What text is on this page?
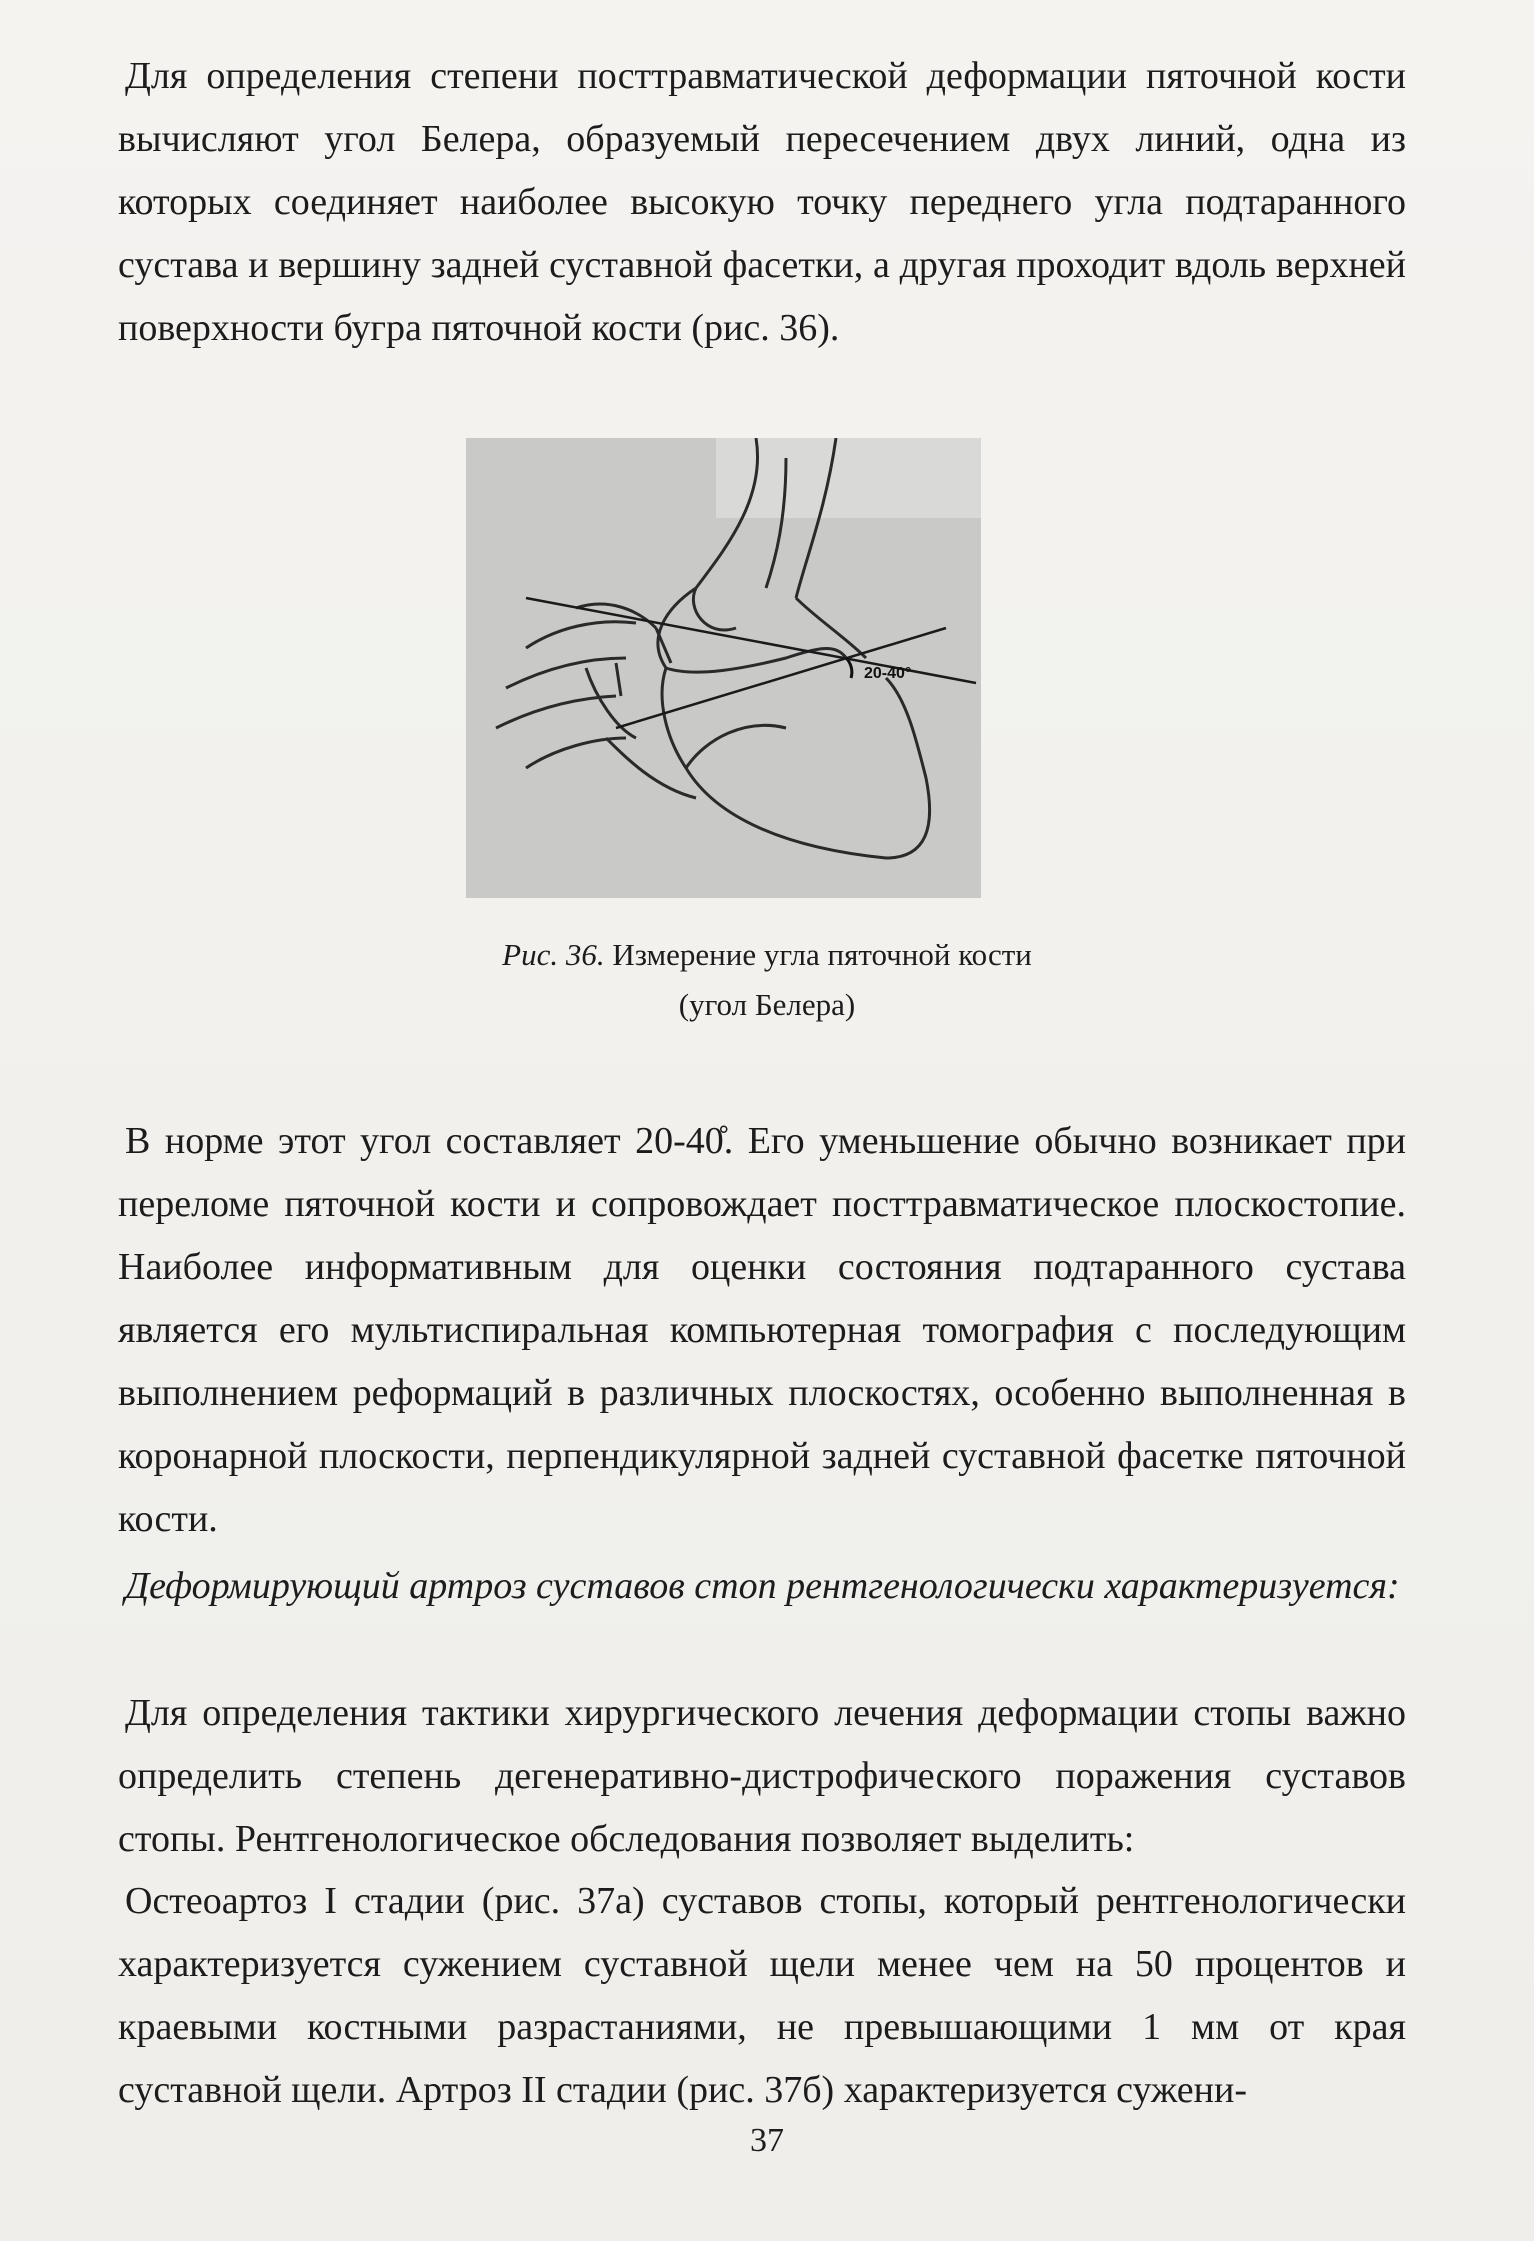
Для определения степени посттравматической деформации пяточной кости вычисляют угол Белера, образуемый пересечением двух линий, одна из которых соединяет наиболее высокую точку переднего угла подтаранного сустава и вершину задней суставной фасетки, а другая проходит вдоль верхней поверхности бугра пяточной кости (рис. 36).

20-40°
Рис. 36. Измерение угла пяточной кости
(угол Белера)

В норме этот угол составляет 20-40̊. Его уменьшение обычно возникает при переломе пяточной кости и сопровождает посттравматическое плоскостопие. Наиболее информативным для оценки состояния подтаранного сустава является его мультиспиральная компьютерная томография с последующим выполнением реформаций в различных плоскостях, особенно выполненная в коронарной плоскости, перпендикулярной задней суставной фасетке пяточной кости.

Деформирующий артроз суставов стоп рентгенологически характеризуется:

Для определения тактики хирургического лечения деформации стопы важно определить степень дегенеративно-дистрофического поражения суставов стопы. Рентгенологическое обследования позволяет выделить:

Остеоартоз I стадии (рис. 37а) суставов стопы, который рентгенологически характеризуется сужением суставной щели менее чем на 50 процентов и краевыми костными разрастаниями, не превышающими 1 мм от края суставной щели. Артроз II стадии (рис. 37б) характеризуется сужени-

37
